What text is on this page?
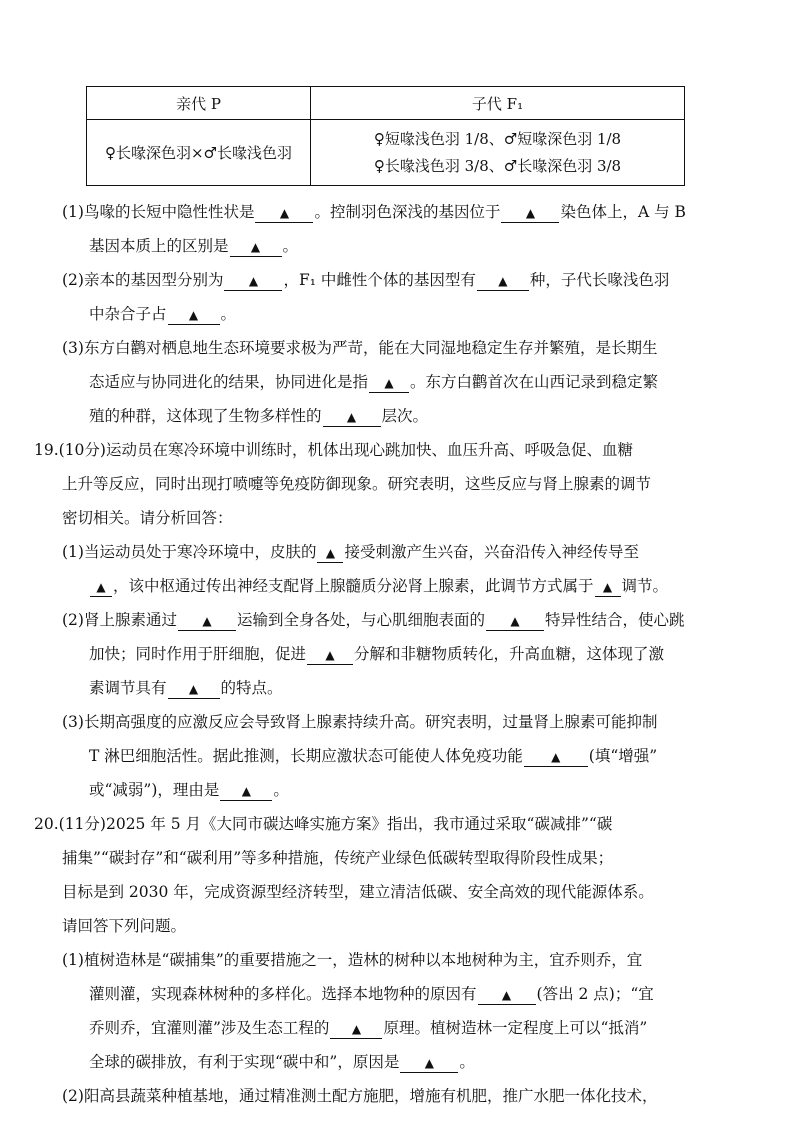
亲代 P	子代 F₁
♀长喙深色羽×♂长喙浅色羽	♀短喙浅色羽 1/8、♂短喙深色羽 1/8
♀长喙浅色羽 3/8、♂长喙深色羽 3/8
(1)鸟喙的长短中隐性性状是 ▲ 。控制羽色深浅的基因位于 ▲ 染色体上，A 与 B
基因本质上的区别是 ▲ 。
(2)亲本的基因型分别为 ▲ ，F₁ 中雌性个体的基因型有 ▲ 种，子代长喙浅色羽
中杂合子占 ▲ 。
(3)东方白鹳对栖息地生态环境要求极为严苛，能在大同湿地稳定生存并繁殖，是长期生
态适应与协同进化的结果，协同进化是指 ▲ 。东方白鹳首次在山西记录到稳定繁
殖的种群，这体现了生物多样性的 ▲ 层次。
19.(10分)运动员在寒冷环境中训练时，机体出现心跳加快、血压升高、呼吸急促、血糖
上升等反应，同时出现打喷嚏等免疫防御现象。研究表明，这些反应与肾上腺素的调节
密切相关。请分析回答：
(1)当运动员处于寒冷环境中，皮肤的 ▲ 接受刺激产生兴奋，兴奋沿传入神经传导至
▲ ，该中枢通过传出神经支配肾上腺髓质分泌肾上腺素，此调节方式属于 ▲ 调节。
(2)肾上腺素通过 ▲ 运输到全身各处，与心肌细胞表面的 ▲ 特异性结合，使心跳
加快；同时作用于肝细胞，促进 ▲ 分解和非糖物质转化，升高血糖，这体现了激
素调节具有 ▲ 的特点。
(3)长期高强度的应激反应会导致肾上腺素持续升高。研究表明，过量肾上腺素可能抑制
T 淋巴细胞活性。据此推测，长期应激状态可能使人体免疫功能 ▲ (填“增强”
或“减弱”)，理由是 ▲ 。
20.(11分)2025 年 5 月《大同市碳达峰实施方案》指出，我市通过采取“碳减排”“碳
捕集”“碳封存”和“碳利用”等多种措施，传统产业绿色低碳转型取得阶段性成果；
目标是到 2030 年，完成资源型经济转型，建立清洁低碳、安全高效的现代能源体系。
请回答下列问题。
(1)植树造林是“碳捕集”的重要措施之一，造林的树种以本地树种为主，宜乔则乔，宜
灌则灌，实现森林树种的多样化。选择本地物种的原因有 ▲ (答出 2 点)；“宜
乔则乔，宜灌则灌”涉及生态工程的 ▲ 原理。植树造林一定程度上可以“抵消”
全球的碳排放，有利于实现“碳中和”，原因是 ▲ 。
(2)阳高县蔬菜种植基地，通过精准测土配方施肥，增施有机肥，推广水肥一体化技术，
